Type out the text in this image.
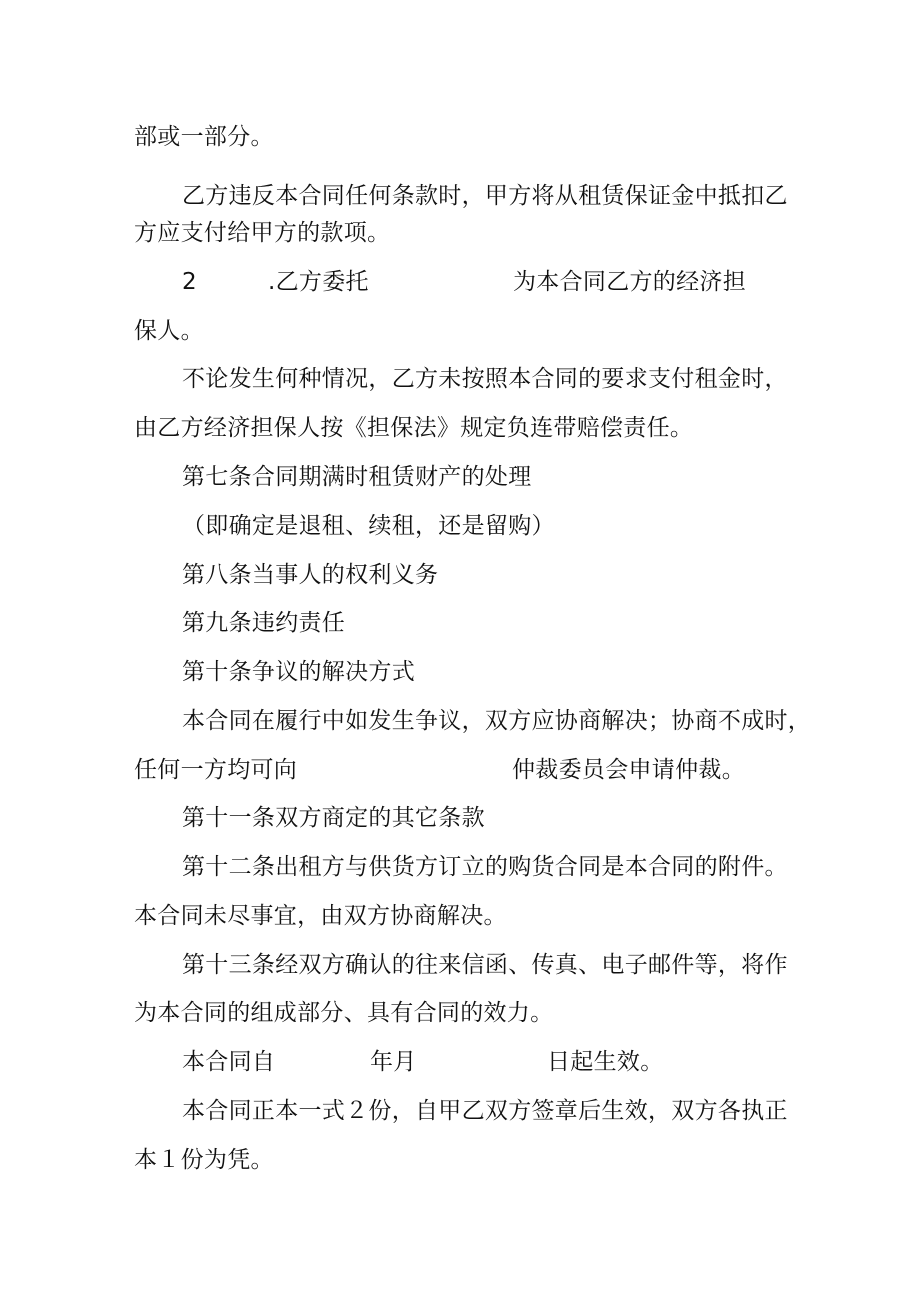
部或一部分。
乙方违反本合同任何条款时，甲方将从租赁保证金中抵扣乙
方应支付给甲方的款项。
2	.乙方委托	为本合同乙方的经济担
保人。
不论发生何种情况，乙方未按照本合同的要求支付租金时，
由乙方经济担保人按《担保法》规定负连带赔偿责任。
第七条合同期满时租赁财产的处理
（即确定是退租、续租，还是留购）
第八条当事人的权利义务
第九条违约责任
第十条争议的解决方式
本合同在履行中如发生争议，双方应协商解决；协商不成时，
任何一方均可向	仲裁委员会申请仲裁。
第十一条双方商定的其它条款
第十二条出租方与供货方订立的购货合同是本合同的附件。
本合同未尽事宜，由双方协商解决。
第十三条经双方确认的往来信函、传真、电子邮件等，将作
为本合同的组成部分、具有合同的效力。
本合同自	年月	日起生效。
本合同正本一式２份，自甲乙双方签章后生效，双方各执正
本１份为凭。
